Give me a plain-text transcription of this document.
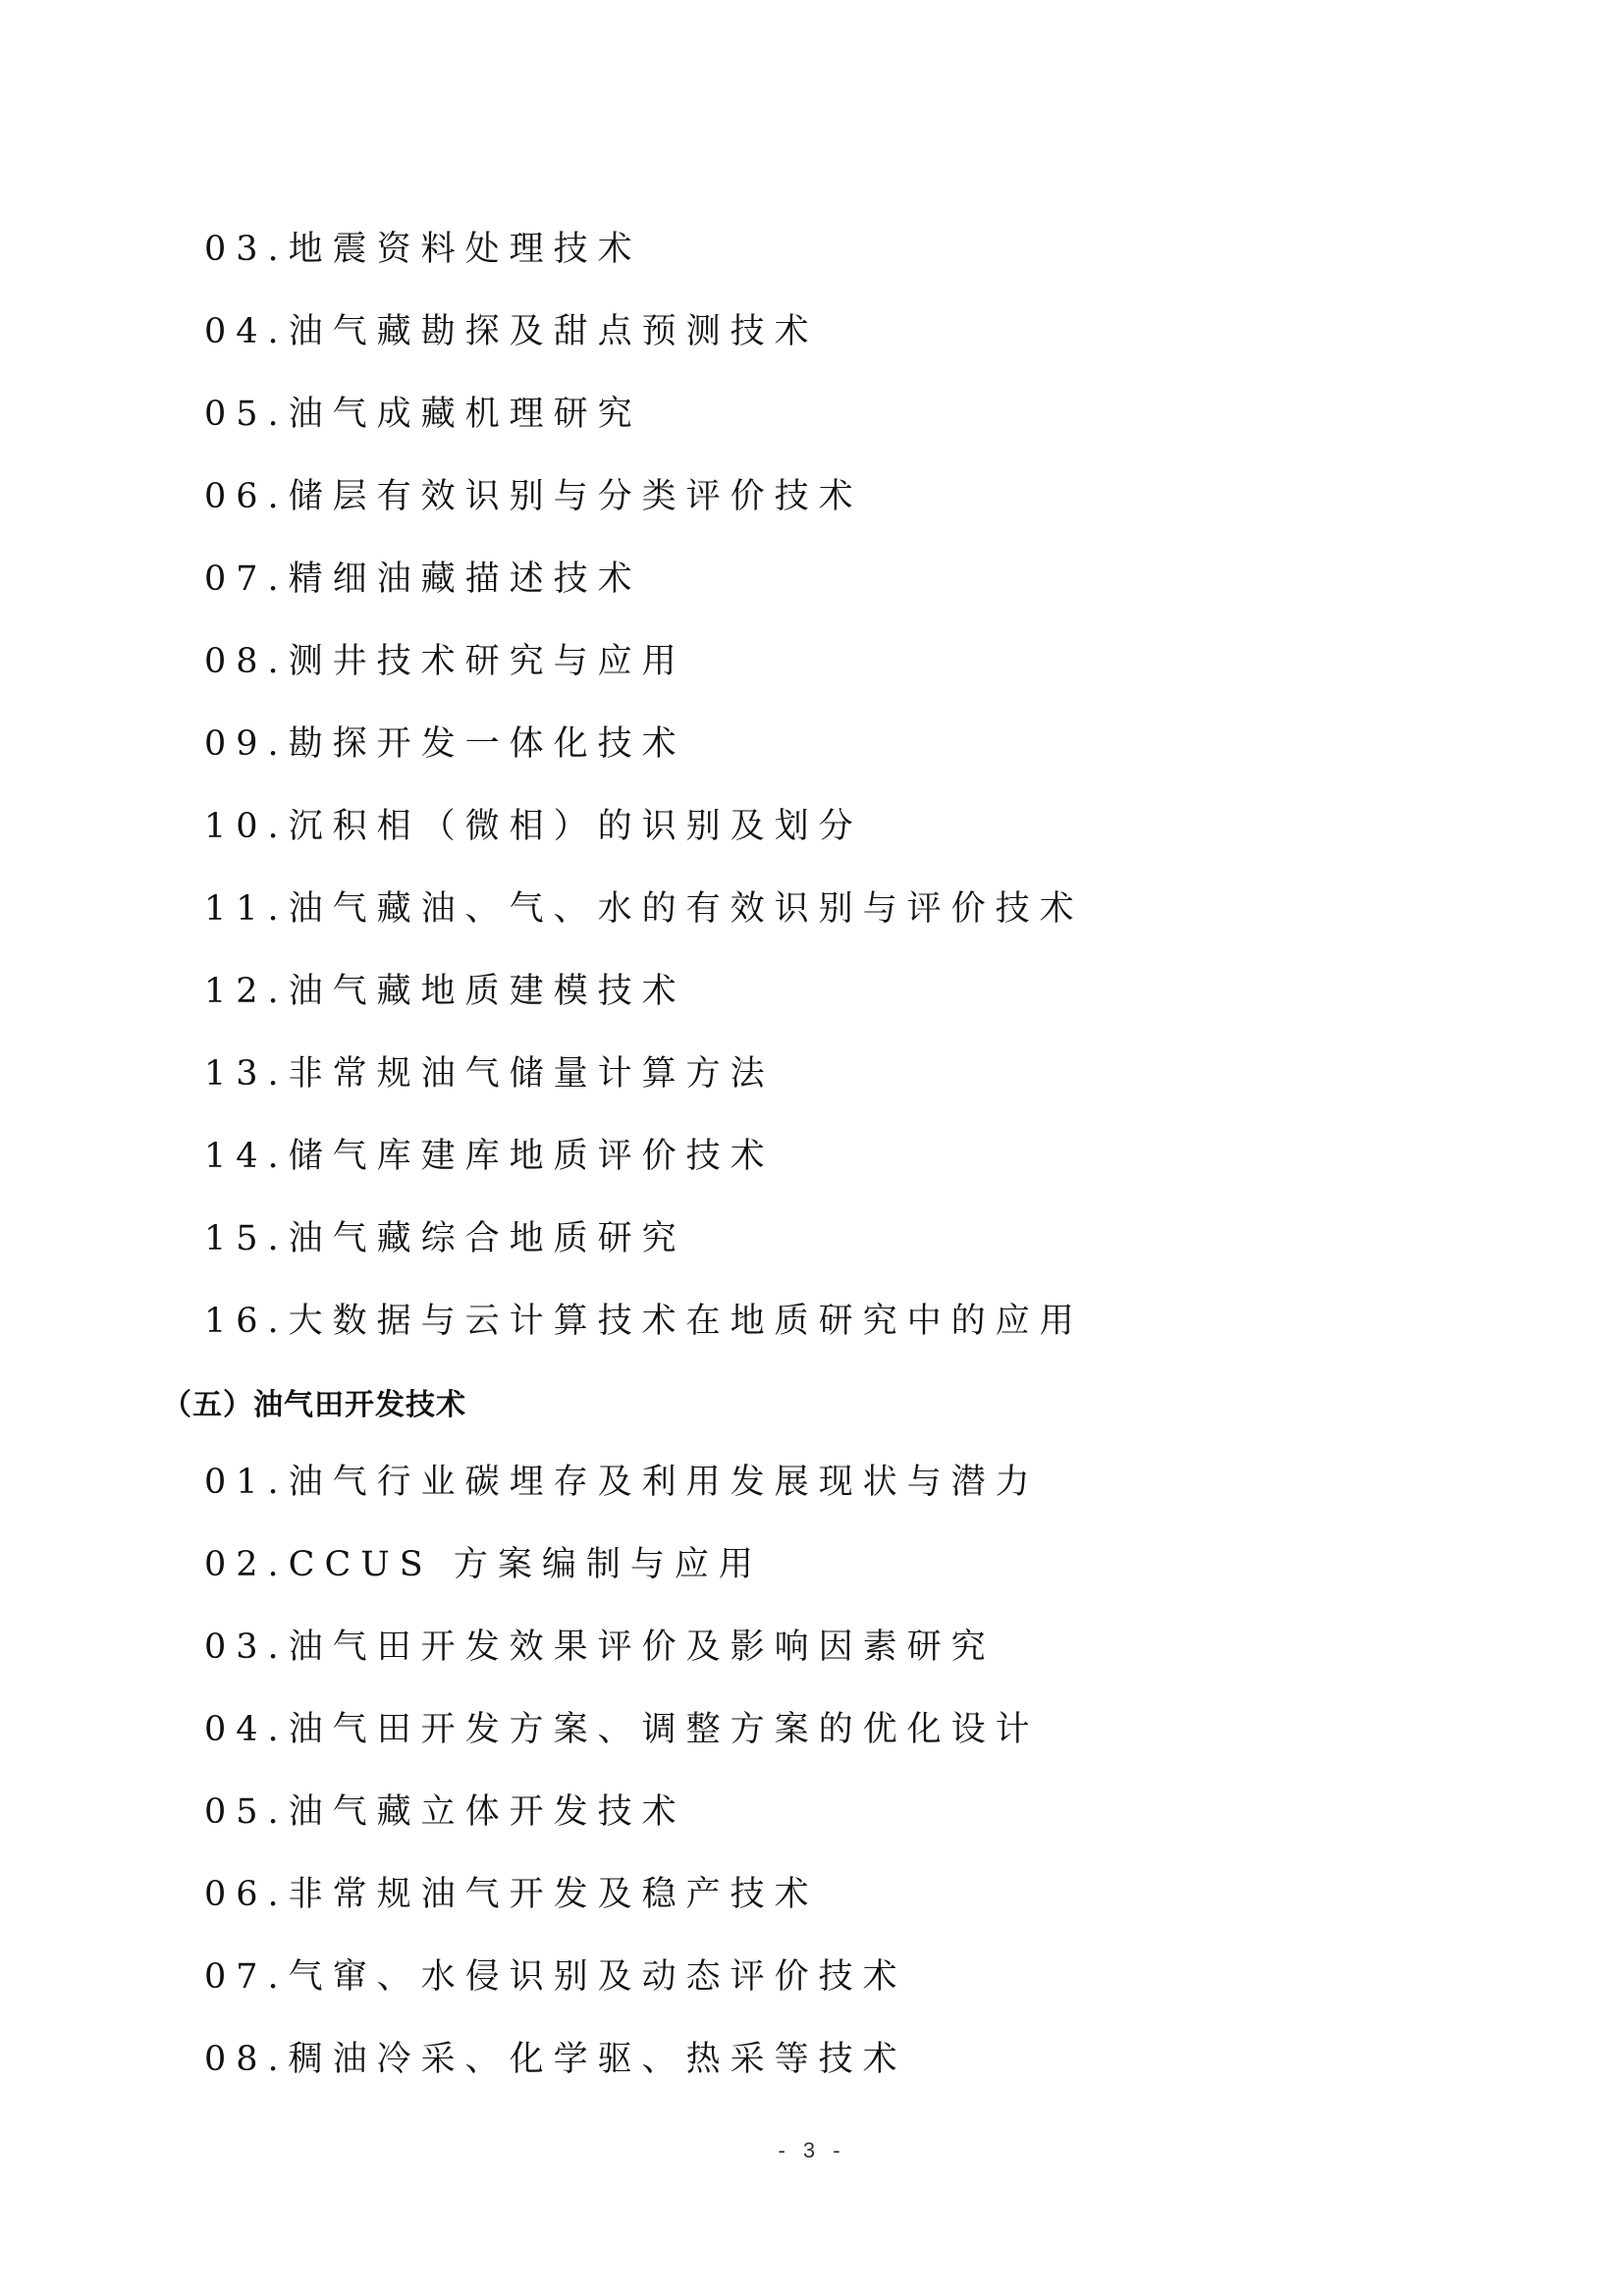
03.地震资料处理技术
04.油气藏勘探及甜点预测技术
05.油气成藏机理研究
06.储层有效识别与分类评价技术
07.精细油藏描述技术
08.测井技术研究与应用
09.勘探开发一体化技术
10.沉积相（微相）的识别及划分
11.油气藏油、气、水的有效识别与评价技术
12.油气藏地质建模技术
13.非常规油气储量计算方法
14.储气库建库地质评价技术
15.油气藏综合地质研究
16.大数据与云计算技术在地质研究中的应用
（五）油气田开发技术
01.油气行业碳埋存及利用发展现状与潜力
02.CCUS 方案编制与应用
03.油气田开发效果评价及影响因素研究
04.油气田开发方案、调整方案的优化设计
05.油气藏立体开发技术
06.非常规油气开发及稳产技术
07.气窜、水侵识别及动态评价技术
08.稠油冷采、化学驱、热采等技术
- 3 -
